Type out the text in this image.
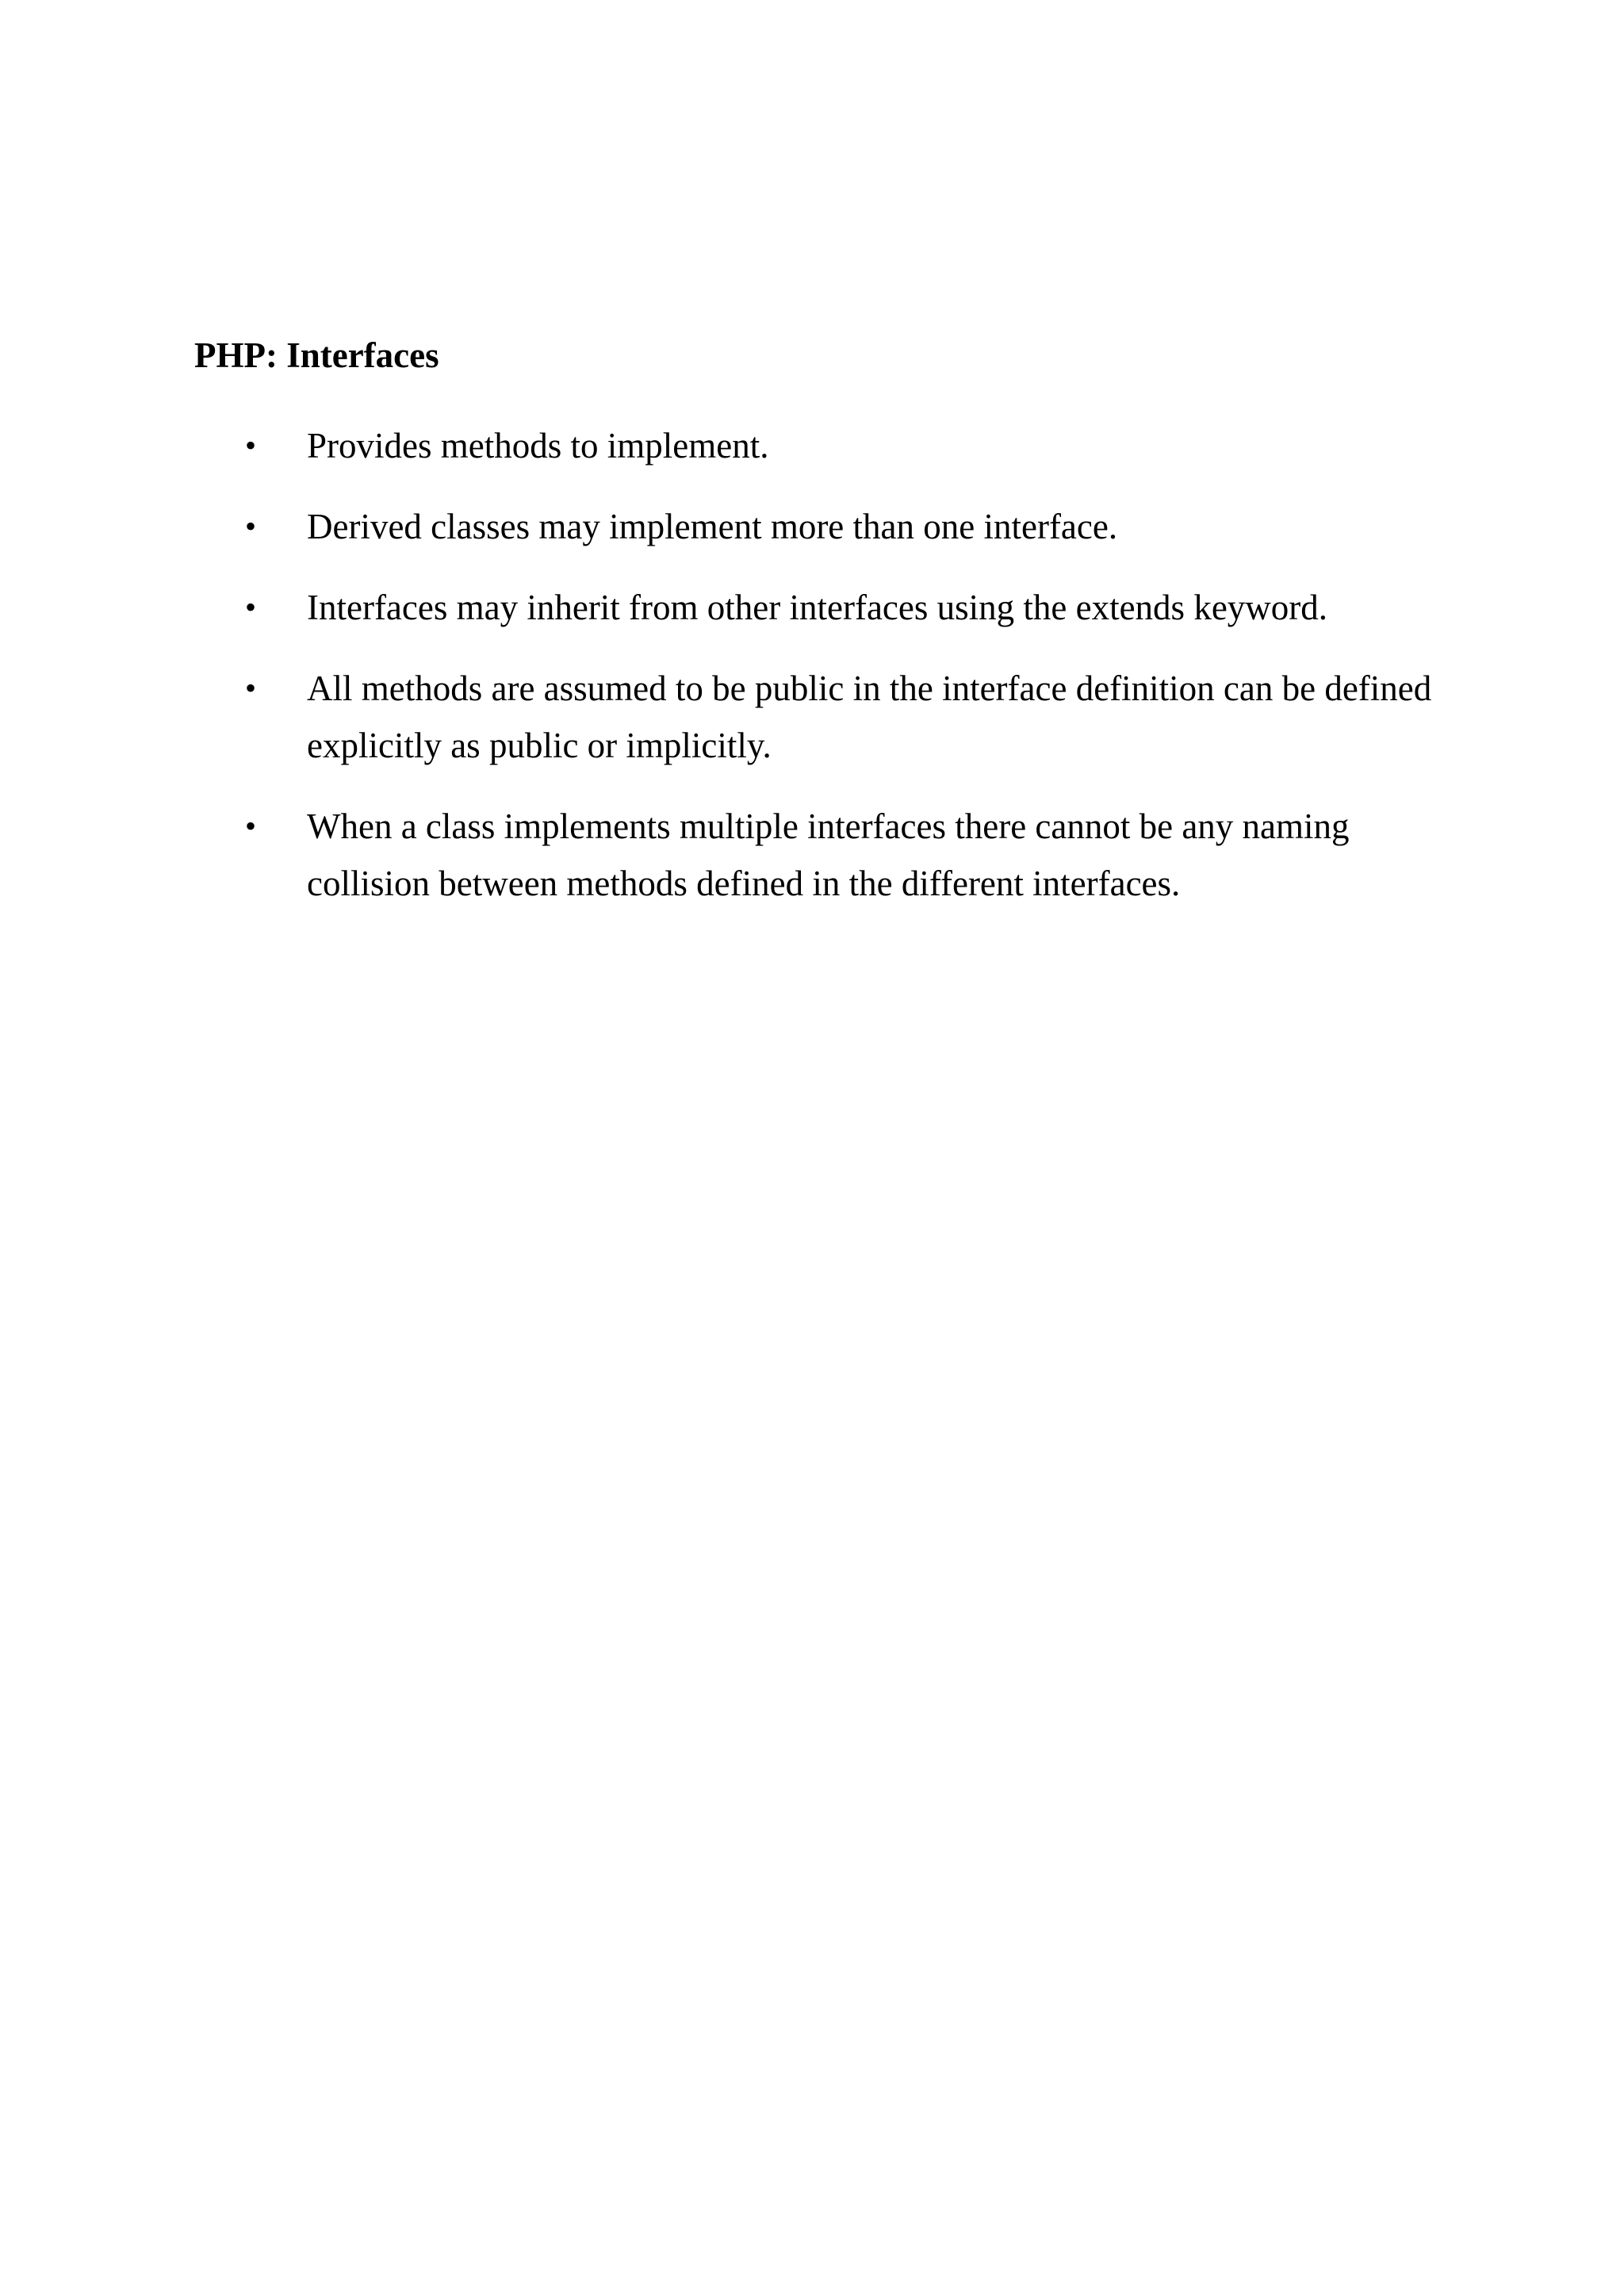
PHP: Interfaces
• Provides methods to implement.
• Derived classes may implement more than one interface.
• Interfaces may inherit from other interfaces using the extends keyword.
• All methods are assumed to be public in the interface definition can be defined explicitly as public or implicitly.
• When a class implements multiple interfaces there cannot be any naming collision between methods defined in the different interfaces.
